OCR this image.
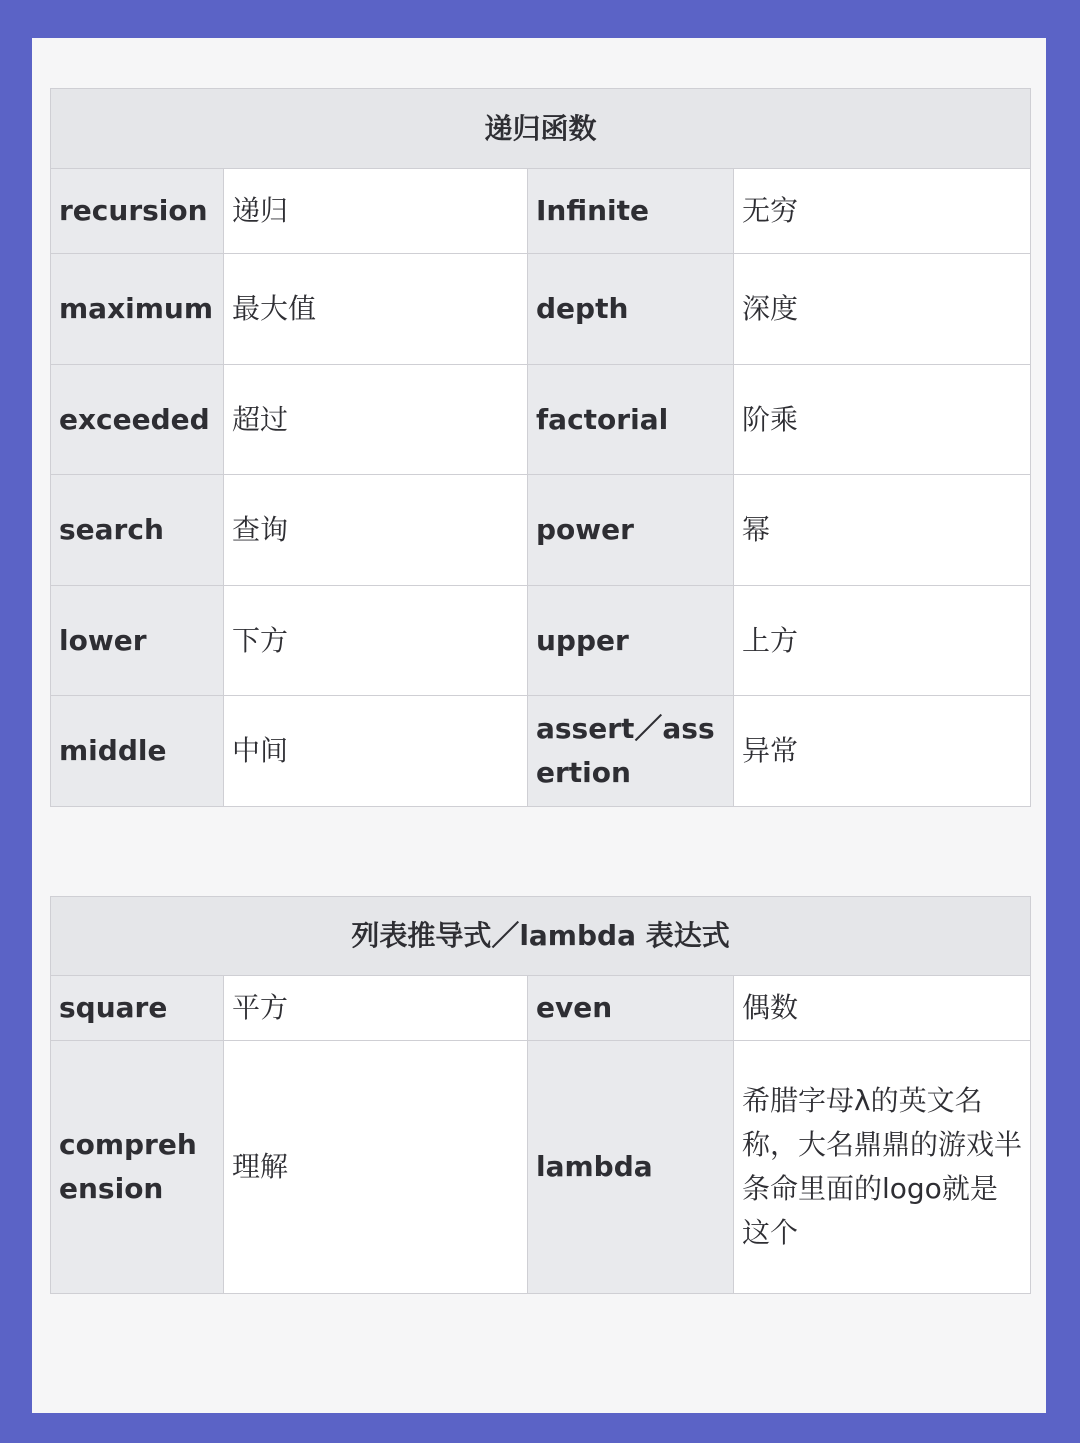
递归函数			
recursion	递归	Infinite	无穷
maximum	最大值	depth	深度
exceeded	超过	factorial	阶乘
search	查询	power	幂
lower	下方	upper	上方
middle	中间	assert／assertion	异常
列表推导式／lambda 表达式			
square	平方	even	偶数
comprehension	理解	lambda	希腊字母λ的英文名称，大名鼎鼎的游戏半条命里面的logo就是这个
